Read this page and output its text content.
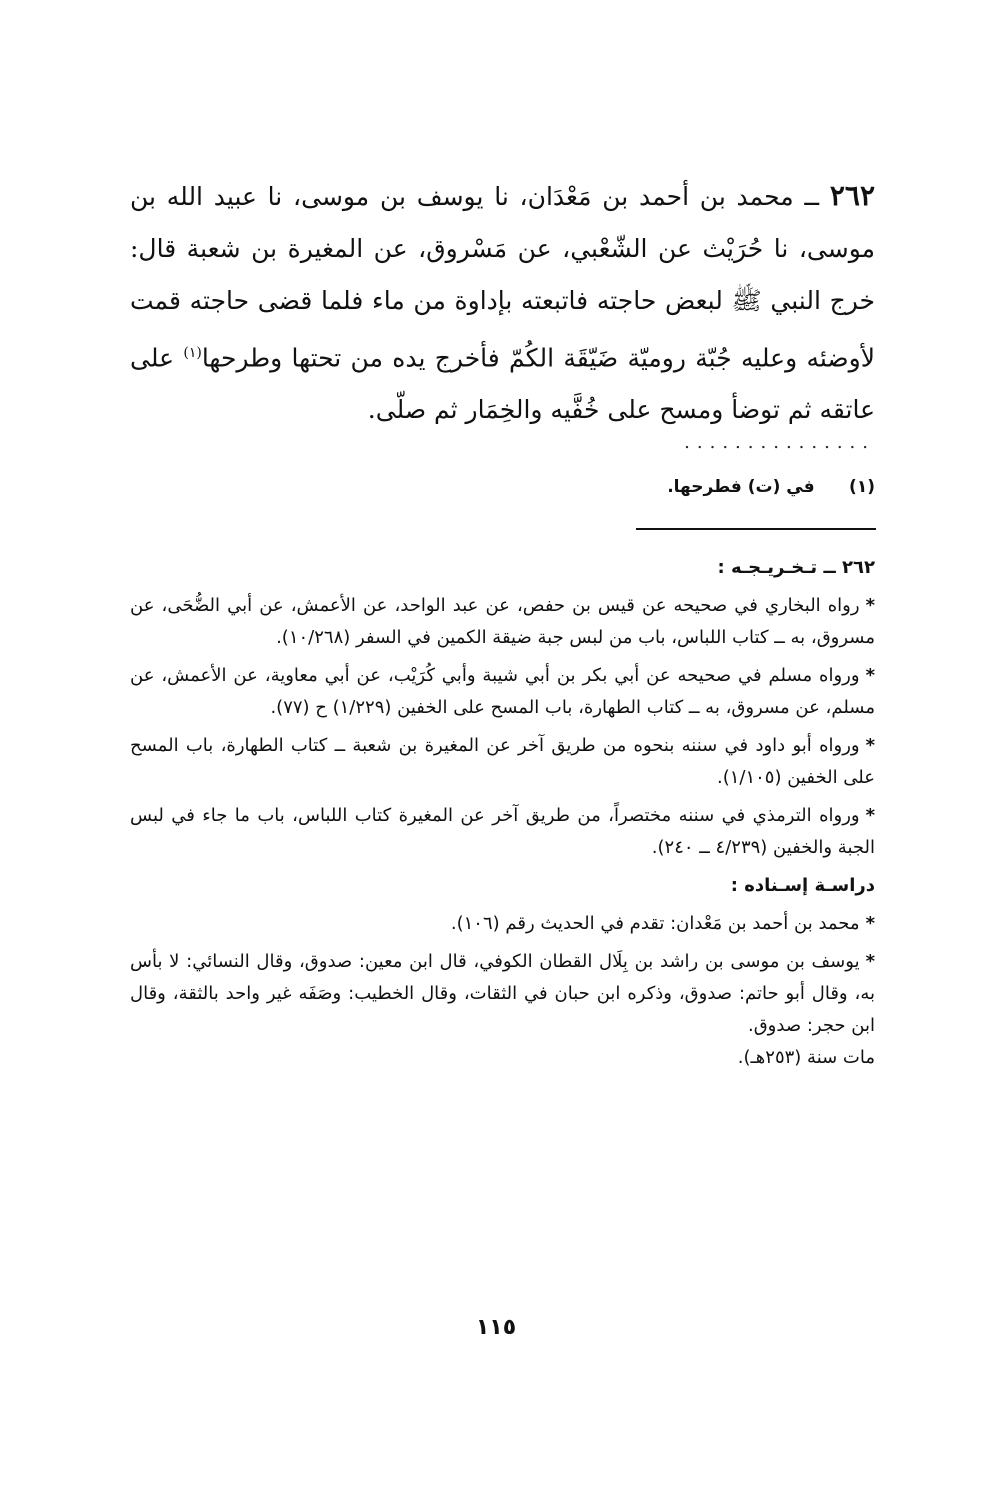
٢٦٢ ــ محمد بن أحمد بن مَعْدَان، نا يوسف بن موسى، نا عبيد الله بن موسى، نا حُرَيْث عن الشّعْبي، عن مَسْروق، عن المغيرة بن شعبة قال: خرج النبي ﷺ لبعض حاجته فاتبعته بإداوة من ماء فلما قضى حاجته قمت لأوضئه وعليه جُبّة روميّة ضَيّقَة الكُمّ فأخرج يده من تحتها وطرحها$^{(١)}$ على عاتقه ثم توضأ ومسح على خُفَّيه والخِمَار ثم صلّى.
...............
(١) في (ت) فطرحها.
٢٦٢ ــ تـخـريـجـه :
*رواه البخاري في صحيحه عن قيس بن حفص، عن عبد الواحد، عن الأعمش، عن أبي الضُّحَى، عن مسروق، به ــ كتاب اللباس، باب من لبس جبة ضيقة الكمين في السفر (١٠/٢٦٨).
*ورواه مسلم في صحيحه عن أبي بكر بن أبي شيبة وأبي كُرَيْب، عن أبي معاوية، عن الأعمش، عن مسلم، عن مسروق، به ــ كتاب الطهارة، باب المسح على الخفين (١/٢٢٩) ح (٧٧).
*ورواه أبو داود في سننه بنحوه من طريق آخر عن المغيرة بن شعبة ــ كتاب الطهارة، باب المسح على الخفين (١/١٠٥).
*ورواه الترمذي في سننه مختصراً، من طريق آخر عن المغيرة كتاب اللباس، باب ما جاء في لبس الجبة والخفين (٤/٢٣٩ ــ ٢٤٠).
دراسـة إسـناده :
*محمد بن أحمد بن مَعْدان: تقدم في الحديث رقم (١٠٦).
*يوسف بن موسى بن راشد بن بِلَال القطان الكوفي، قال ابن معين: صدوق، وقال النسائي: لا بأس به، وقال أبو حاتم: صدوق، وذكره ابن حبان في الثقات، وقال الخطيب: وصَفَه غير واحد بالثقة، وقال ابن حجر: صدوق.
مات سنة (٢٥٣هـ).
١١٥
